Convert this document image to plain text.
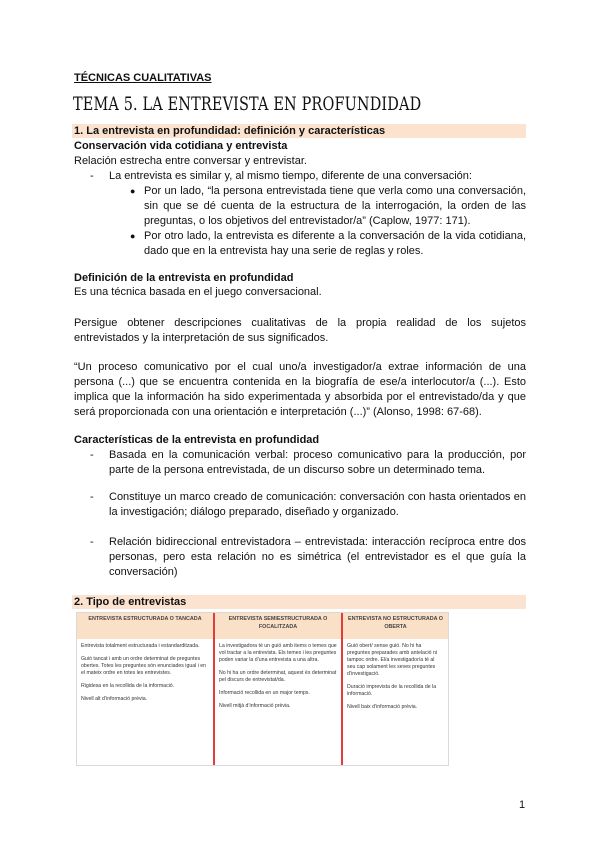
TÉCNICAS CUALITATIVAS
TEMA 5. LA ENTREVISTA EN PROFUNDIDAD
1. La entrevista en profundidad: definición y características
Conservación vida cotidiana y entrevista
Relación estrecha entre conversar y entrevistar.
- La entrevista es similar y, al mismo tiempo, diferente de una conversación:
● Por un lado, “la persona entrevistada tiene que verla como una conversación, sin que se dé cuenta de la estructura de la interrogación, la orden de las preguntas, o los objetivos del entrevistador/a” (Caplow, 1977: 171).
● Por otro lado, la entrevista es diferente a la conversación de la vida cotidiana, dado que en la entrevista hay una serie de reglas y roles.
Definición de la entrevista en profundidad
Es una técnica basada en el juego conversacional.
Persigue obtener descripciones cualitativas de la propia realidad de los sujetos entrevistados y la interpretación de sus significados.
“Un proceso comunicativo por el cual uno/a investigador/a extrae información de una persona (...) que se encuentra contenida en la biografía de ese/a interlocutor/a (...). Esto implica que la información ha sido experimentada y absorbida por el entrevistado/da y que será proporcionada con una orientación e interpretación (...)” (Alonso, 1998: 67-68).
Características de la entrevista en profundidad
- Basada en la comunicación verbal: proceso comunicativo para la producción, por parte de la persona entrevistada, de un discurso sobre un determinado tema.
- Constituye un marco creado de comunicación: conversación con hasta orientados en la investigación; diálogo preparado, diseñado y organizado.
- Relación bidireccional entrevistadora – entrevistada: interacción recíproca entre dos personas, pero esta relación no es simétrica (el entrevistador es el que guía la conversación)
2. Tipo de entrevistas
ENTREVISTA ESTRUCTURADA O TANCADA

Entrevista totalment estructurada i estandarditzada.

Guió tancat i amb un ordre determinat de preguntes obertes. Totes les preguntes són enunciades igual i en el mateix ordre en totes les entrevistes.

Rigidesa en la recollida de la informació.

Nivell alt d’informació prèvia.

ENTREVISTA SEMIESTRUCTURADA O FOCALITZADA

La investigadora té un guió amb items o temes que vol tractar a la entrevista. Els temes i les preguntes poden variar la d’una entrevista a una altra.

No hi ha un ordre determinat, aquest és determinat pel discurs de entrevistat/da.

Informació recollida en un major temps.

Nivell mitjà d’informació prèvia.

ENTREVISTA NO ESTRUCTURADA O OBERTA

Guió obert/ sense guió. No hi ha preguntes preparades amb antelació ni tampoc ordre. El/a investigador/a té al seu cap solament les seves preguntes d’investigació.

Duració imprevista de la recollida de la informació.

Nivell baix d’informació prèvia.

1
